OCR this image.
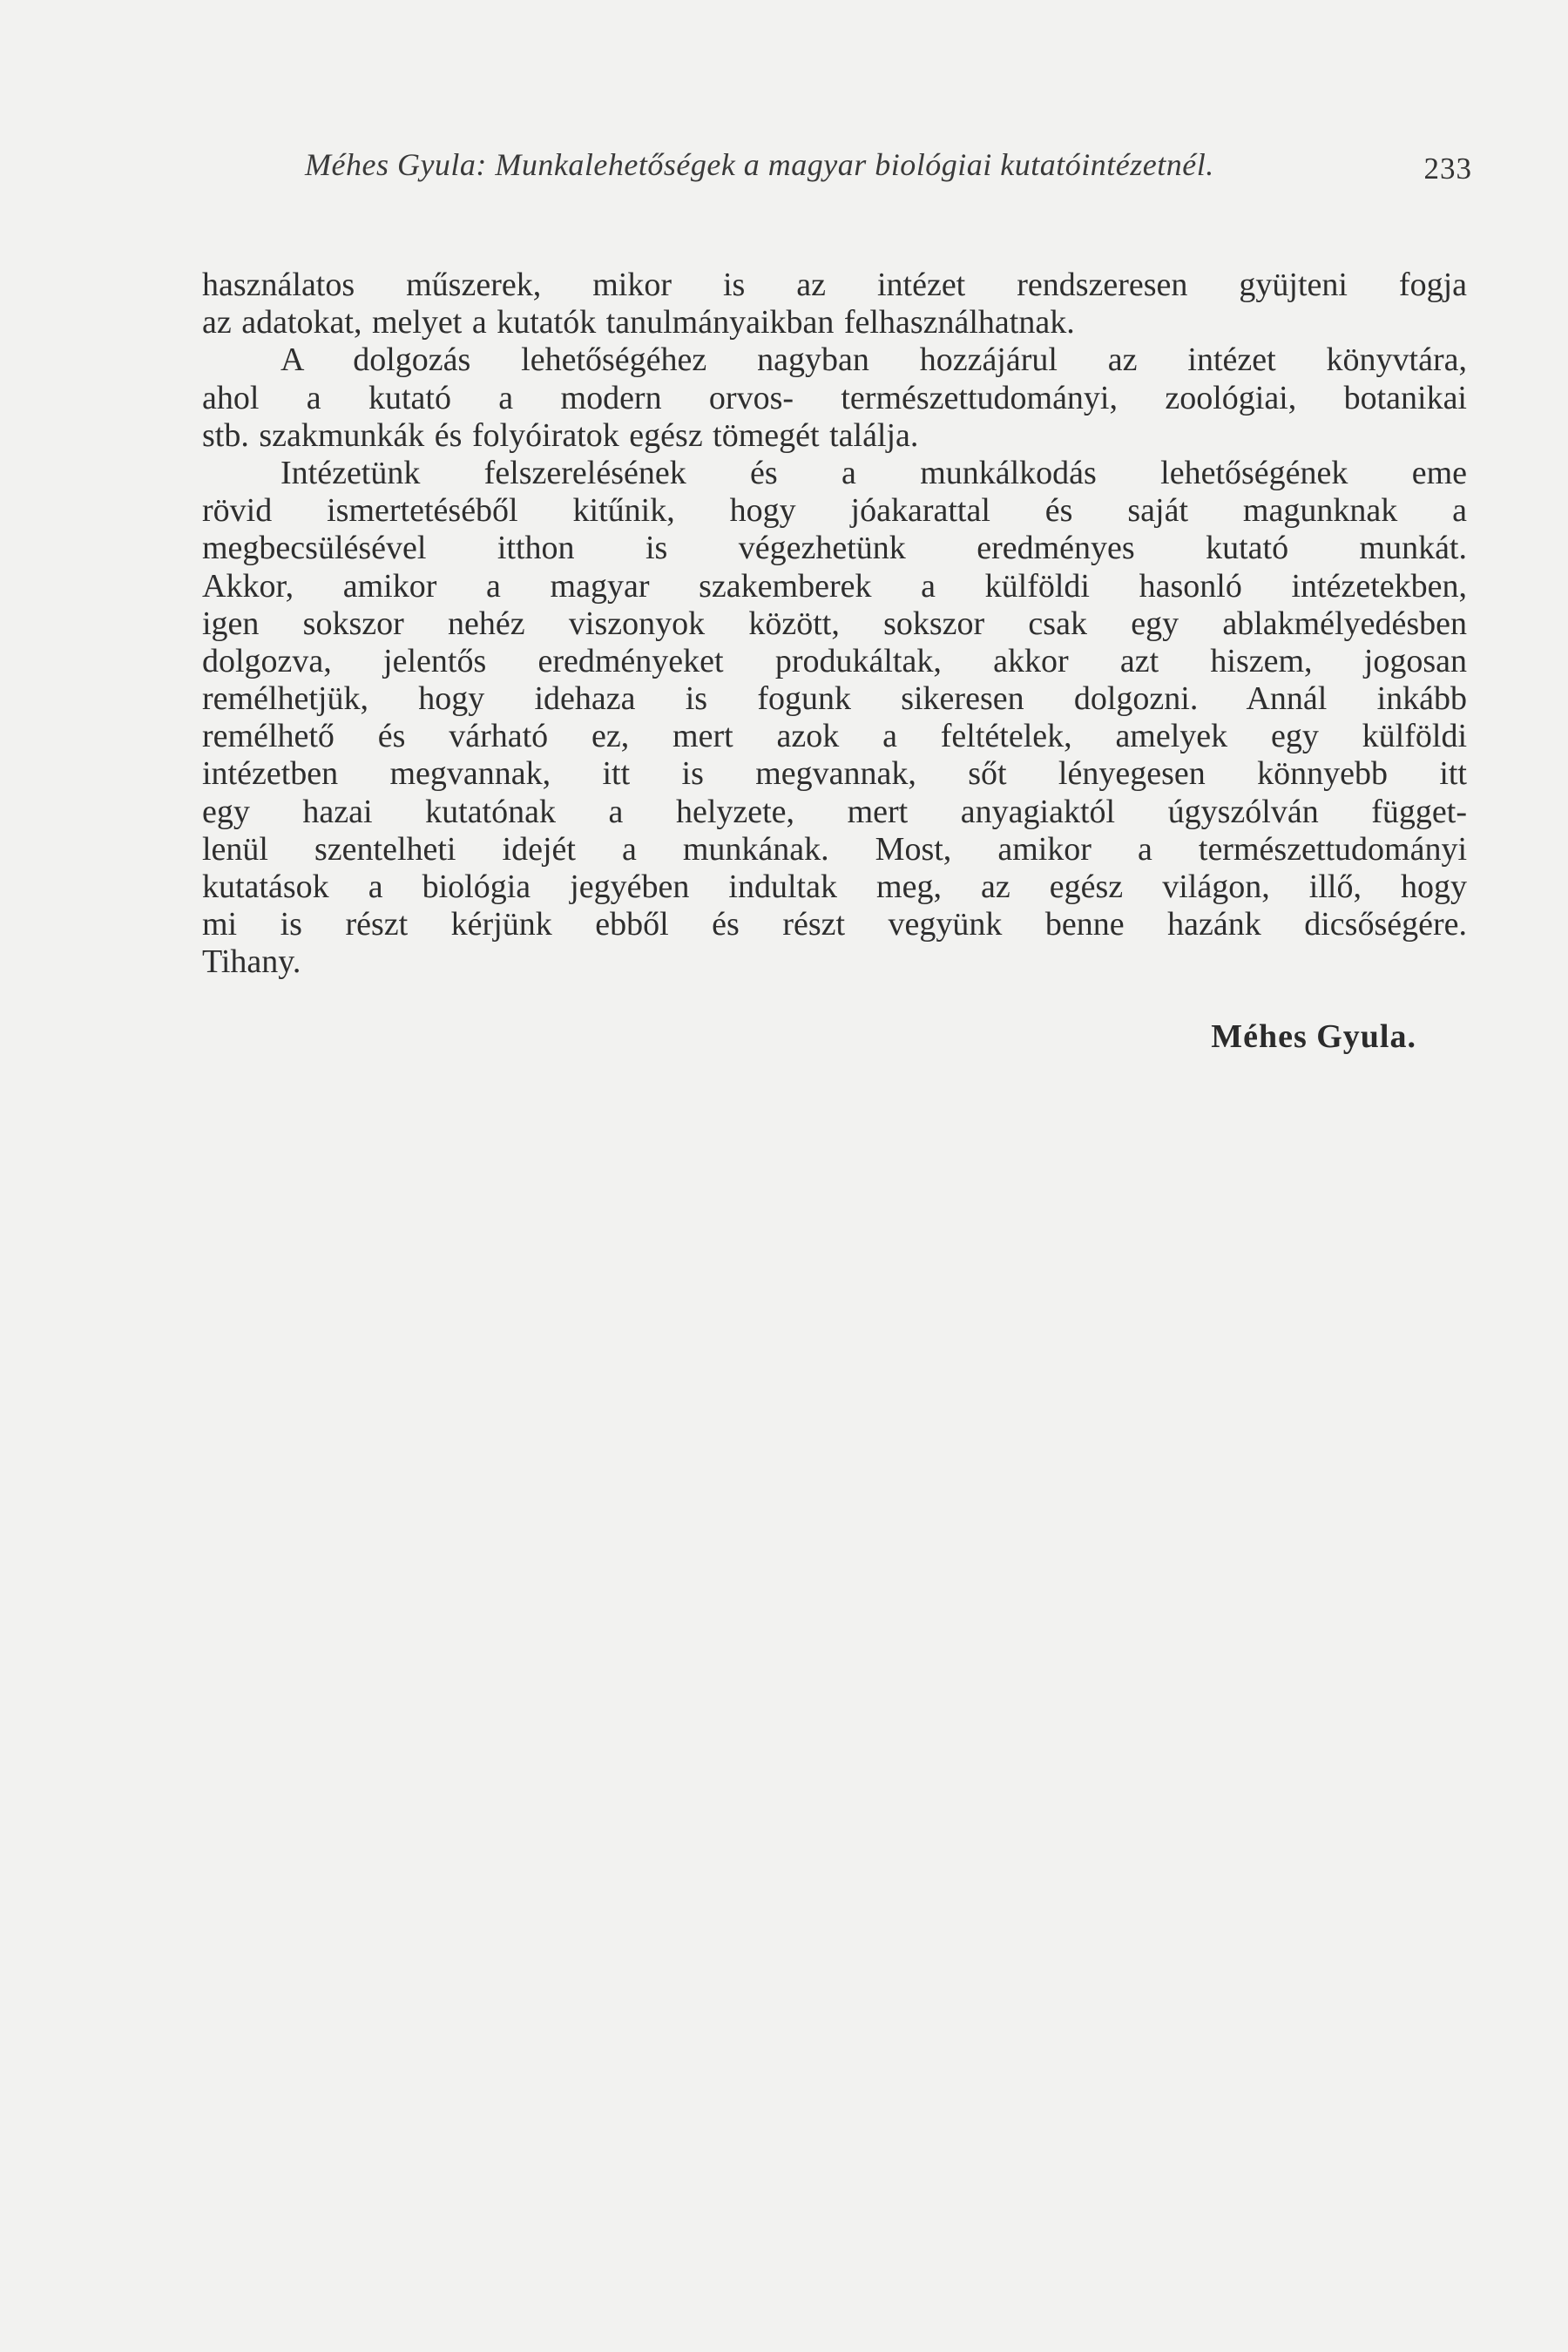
Méhes Gyula: Munkalehetőségek a magyar biológiai kutatóintézetnél.	233
használatos műszerek, mikor is az intézet rendszeresen gyüjteni fogja
az adatokat, melyet a kutatók tanulmányaikban felhasználhatnak.
A dolgozás lehetőségéhez nagyban hozzájárul az intézet könyvtára,
ahol a kutató a modern orvos- természettudományi, zoológiai, botanikai
stb. szakmunkák és folyóiratok egész tömegét találja.
Intézetünk felszerelésének és a munkálkodás lehetőségének eme
rövid ismertetéséből kitűnik, hogy jóakarattal és saját magunknak a
megbecsülésével itthon is végezhetünk eredményes kutató munkát.
Akkor, amikor a magyar szakemberek a külföldi hasonló intézetekben,
igen sokszor nehéz viszonyok között, sokszor csak egy ablakmélyedésben
dolgozva, jelentős eredményeket produkáltak, akkor azt hiszem, jogosan
remélhetjük, hogy idehaza is fogunk sikeresen dolgozni. Annál inkább
remélhető és várható ez, mert azok a feltételek, amelyek egy külföldi
intézetben megvannak, itt is megvannak, sőt lényegesen könnyebb itt
egy hazai kutatónak a helyzete, mert anyagiaktól úgyszólván függet-
lenül szentelheti idejét a munkának. Most, amikor a természettudományi
kutatások a biológia jegyében indultak meg, az egész világon, illő, hogy
mi is részt kérjünk ebből és részt vegyünk benne hazánk dicsőségére.
Tihany.
Méhes Gyula.
